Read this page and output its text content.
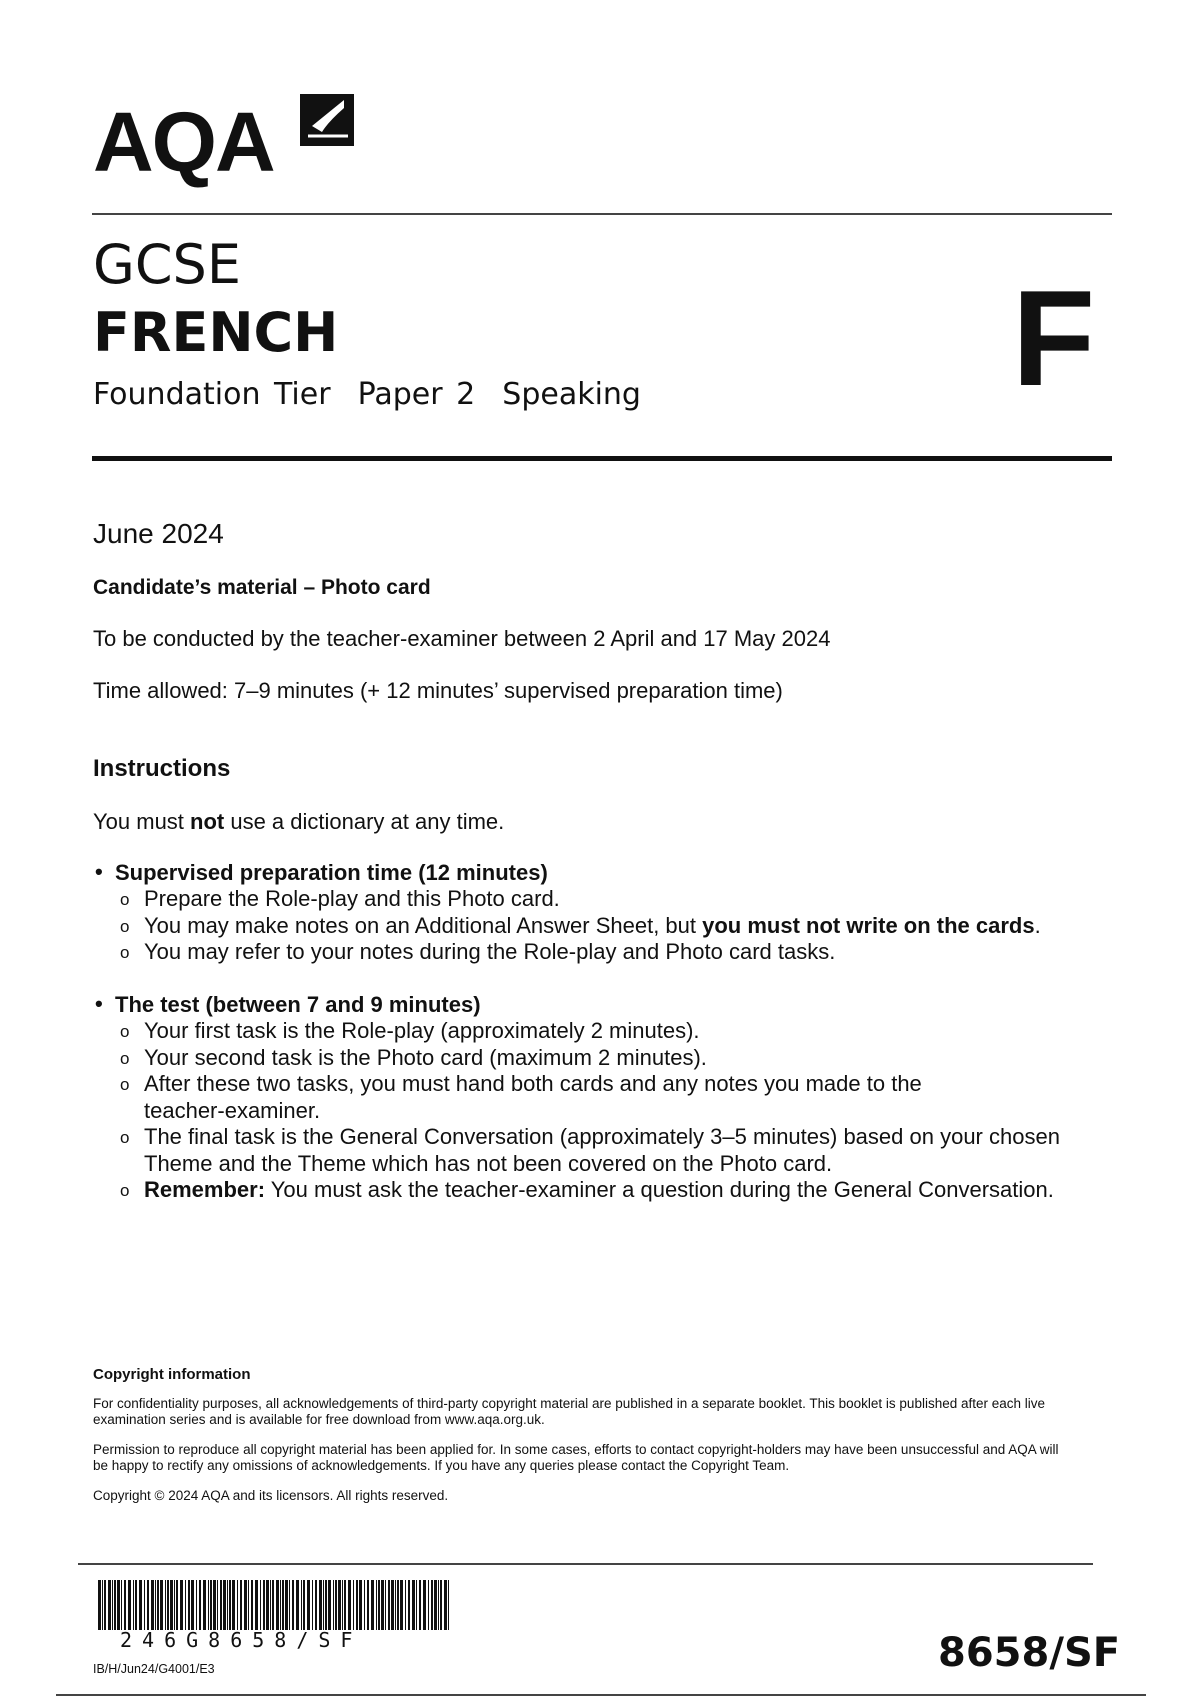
AQA
GCSE
FRENCH
Foundation Tier Paper 2 Speaking	F
June 2024
Candidate’s material – Photo card
To be conducted by the teacher-examiner between 2 April and 17 May 2024
Time allowed: 7–9 minutes (+ 12 minutes’ supervised preparation time)
Instructions
You must not use a dictionary at any time.
• Supervised preparation time (12 minutes)
o Prepare the Role-play and this Photo card.
o You may make notes on an Additional Answer Sheet, but you must not write on the cards.
o You may refer to your notes during the Role-play and Photo card tasks.
• The test (between 7 and 9 minutes)
o Your first task is the Role-play (approximately 2 minutes).
o Your second task is the Photo card (maximum 2 minutes).
o After these two tasks, you must hand both cards and any notes you made to the teacher-examiner.
o The final task is the General Conversation (approximately 3–5 minutes) based on your chosen Theme and the Theme which has not been covered on the Photo card.
o Remember: You must ask the teacher-examiner a question during the General Conversation.
Copyright information
For confidentiality purposes, all acknowledgements of third-party copyright material are published in a separate booklet. This booklet is published after each live examination series and is available for free download from www.aqa.org.uk.
Permission to reproduce all copyright material has been applied for. In some cases, efforts to contact copyright-holders may have been unsuccessful and AQA will be happy to rectify any omissions of acknowledgements. If you have any queries please contact the Copyright Team.
Copyright © 2024 AQA and its licensors. All rights reserved.
246G8658/SF
IB/H/Jun24/G4001/E3	8658/SF
